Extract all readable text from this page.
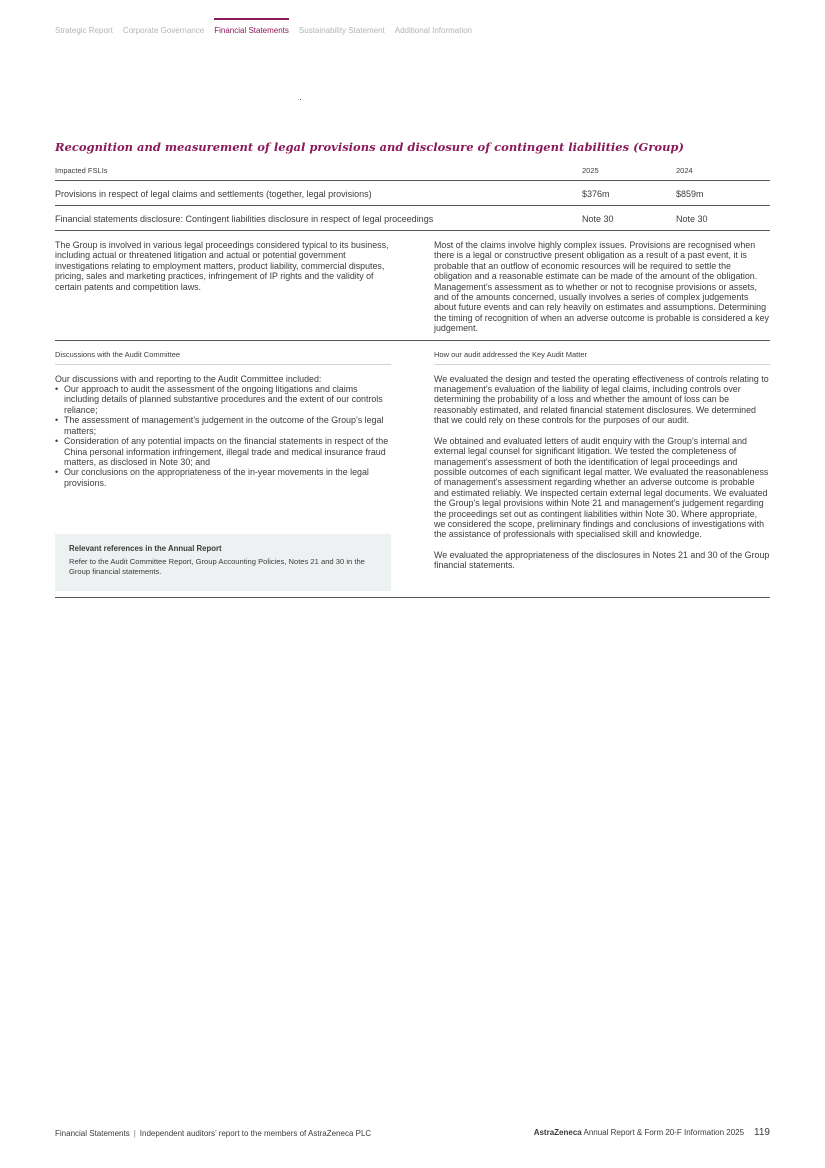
Strategic Report Corporate Governance Financial Statements Sustainability Statement Additional Information
Recognition and measurement of legal provisions and disclosure of contingent liabilities (Group)
Impacted FSLIs	2025	2024
Provisions in respect of legal claims and settlements (together, legal provisions)	$376m	$859m
Financial statements disclosure: Contingent liabilities disclosure in respect of legal proceedings	Note 30	Note 30
The Group is involved in various legal proceedings considered typical to its business, including actual or threatened litigation and actual or potential government investigations relating to employment matters, product liability, commercial disputes, pricing, sales and marketing practices, infringement of IP rights and the validity of certain patents and competition laws.
Most of the claims involve highly complex issues. Provisions are recognised when there is a legal or constructive present obligation as a result of a past event, it is probable that an outflow of economic resources will be required to settle the obligation and a reasonable estimate can be made of the amount of the obligation. Management’s assessment as to whether or not to recognise provisions or assets, and of the amounts concerned, usually involves a series of complex judgements about future events and can rely heavily on estimates and assumptions. Determining the timing of recognition of when an adverse outcome is probable is considered a key judgement.
Discussions with the Audit Committee	How our audit addressed the Key Audit Matter
Our discussions with and reporting to the Audit Committee included:
• Our approach to audit the assessment of the ongoing litigations and claims including details of planned substantive procedures and the extent of our controls reliance;
• The assessment of management’s judgement in the outcome of the Group’s legal matters;
• Consideration of any potential impacts on the financial statements in respect of the China personal information infringement, illegal trade and medical insurance fraud matters, as disclosed in Note 30; and
• Our conclusions on the appropriateness of the in-year movements in the legal provisions.
Relevant references in the Annual Report
Refer to the Audit Committee Report, Group Accounting Policies, Notes 21 and 30 in the Group financial statements.

We evaluated the design and tested the operating effectiveness of controls relating to management’s evaluation of the liability of legal claims, including controls over determining the probability of a loss and whether the amount of loss can be reasonably estimated, and related financial statement disclosures. We determined that we could rely on these controls for the purposes of our audit.

We obtained and evaluated letters of audit enquiry with the Group’s internal and external legal counsel for significant litigation. We tested the completeness of management’s assessment of both the identification of legal proceedings and possible outcomes of each significant legal matter. We evaluated the reasonableness of management’s assessment regarding whether an adverse outcome is probable and estimated reliably. We inspected certain external legal documents. We evaluated the Group’s legal provisions within Note 21 and management’s judgement regarding the proceedings set out as contingent liabilities within Note 30. Where appropriate, we considered the scope, preliminary findings and conclusions of investigations with the assistance of professionals with specialised skill and knowledge.

We evaluated the appropriateness of the disclosures in Notes 21 and 30 of the Group financial statements.

Financial Statements | Independent auditors’ report to the members of AstraZeneca PLC	AstraZeneca Annual Report & Form 20-F Information 2025 119
